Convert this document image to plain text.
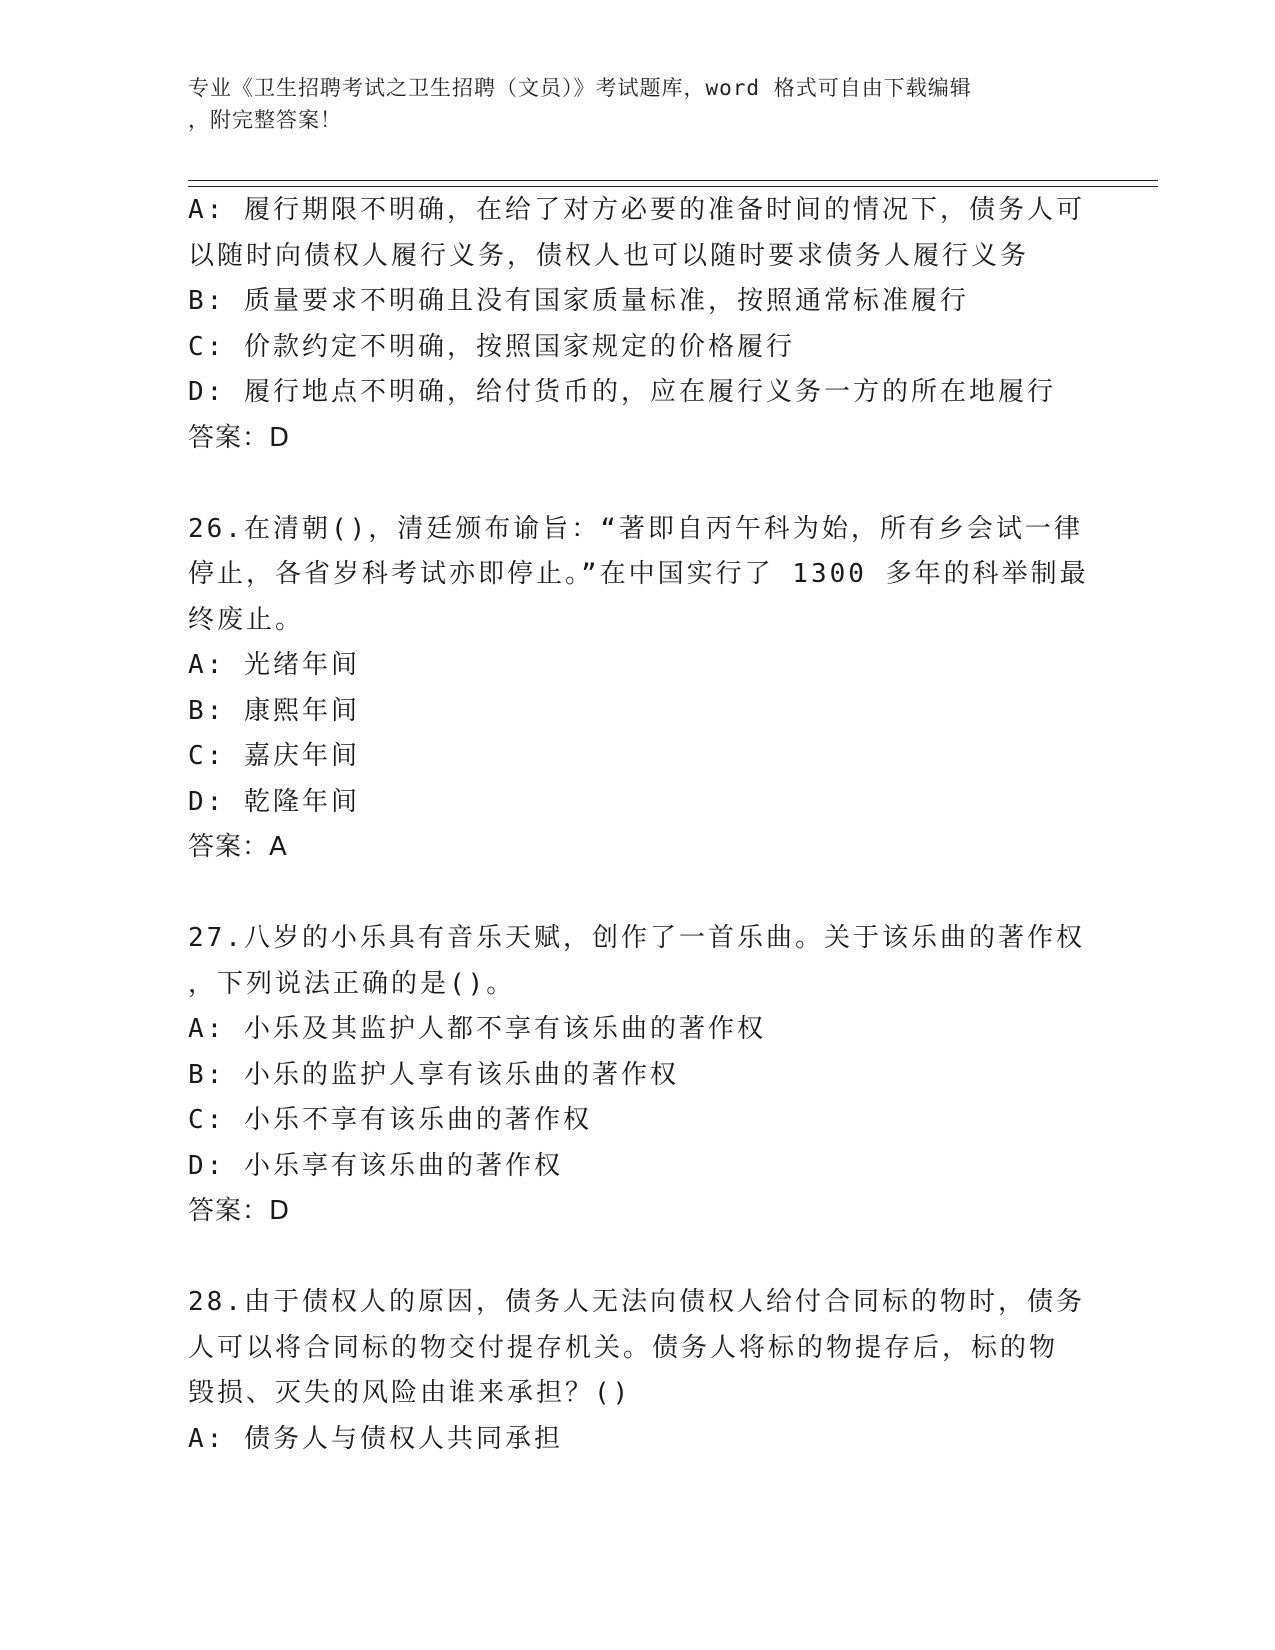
专业《卫生招聘考试之卫生招聘（文员）》考试题库，word 格式可自由下载编辑
，附完整答案！
A: 履行期限不明确，在给了对方必要的准备时间的情况下，债务人可
以随时向债权人履行义务，债权人也可以随时要求债务人履行义务
B: 质量要求不明确且没有国家质量标准，按照通常标准履行
C: 价款约定不明确，按照国家规定的价格履行
D: 履行地点不明确，给付货币的，应在履行义务一方的所在地履行
答案：D
26.在清朝()，清廷颁布谕旨：“著即自丙午科为始，所有乡会试一律
停止，各省岁科考试亦即停止。”在中国实行了 1300 多年的科举制最
终废止。
A: 光绪年间
B: 康熙年间
C: 嘉庆年间
D: 乾隆年间
答案：A
27.八岁的小乐具有音乐天赋，创作了一首乐曲。关于该乐曲的著作权
，下列说法正确的是()。
A: 小乐及其监护人都不享有该乐曲的著作权
B: 小乐的监护人享有该乐曲的著作权
C: 小乐不享有该乐曲的著作权
D: 小乐享有该乐曲的著作权
答案：D
28.由于债权人的原因，债务人无法向债权人给付合同标的物时，债务
人可以将合同标的物交付提存机关。债务人将标的物提存后，标的物
毁损、灭失的风险由谁来承担？()
A: 债务人与债权人共同承担
